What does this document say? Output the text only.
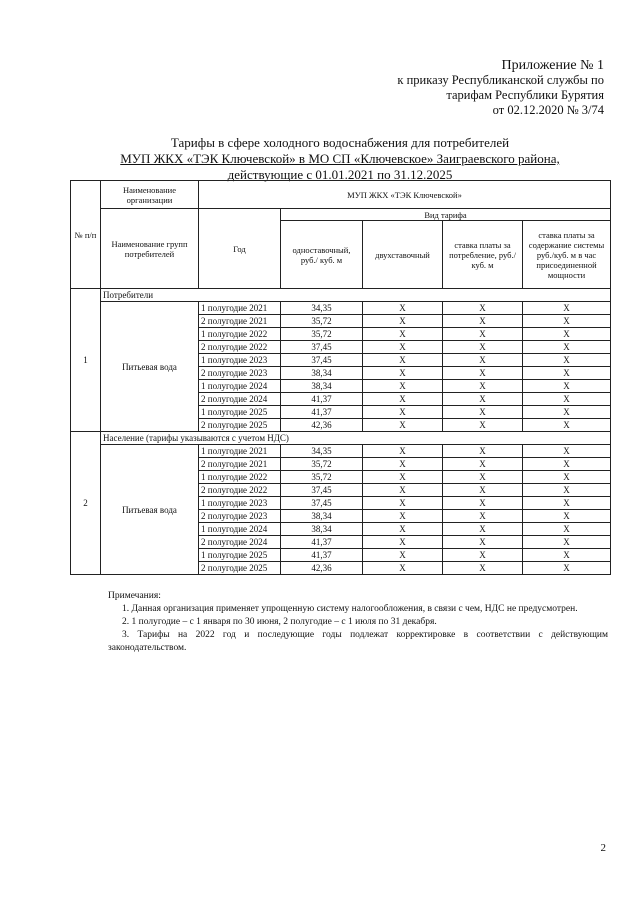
Приложение № 1
к приказу Республиканской службы по
тарифам Республики Бурятия
от 02.12.2020 № 3/74
Тарифы в сфере холодного водоснабжения для потребителей
МУП ЖКХ «ТЭК Ключевской» в МО СП «Ключевское» Заиграевского района,
действующие с 01.01.2021 по 31.12.2025
№ п/п	Наименование организации	МУП ЖКХ «ТЭК Ключевской»				
	Наименование групп потребителей	Год	Вид тарифа			
			одноставочный, руб./ куб. м	двухставочный	ставка платы за потребление, руб./ куб. м	ставка платы за содержание системы руб./куб. м в час присоединенной мощности
1	Потребители					
	Питьевая вода	1 полугодие 2021	34,35	X	X	X
		2 полугодие 2021	35,72	X	X	X
		1 полугодие 2022	35,72	X	X	X
		2 полугодие 2022	37,45	X	X	X
		1 полугодие 2023	37,45	X	X	X
		2 полугодие 2023	38,34	X	X	X
		1 полугодие 2024	38,34	X	X	X
		2 полугодие 2024	41,37	X	X	X
		1 полугодие 2025	41,37	X	X	X
		2 полугодие 2025	42,36	X	X	X
2	Население (тарифы указываются с учетом НДС)					
	Питьевая вода	1 полугодие 2021	34,35	X	X	X
		2 полугодие 2021	35,72	X	X	X
		1 полугодие 2022	35,72	X	X	X
		2 полугодие 2022	37,45	X	X	X
		1 полугодие 2023	37,45	X	X	X
		2 полугодие 2023	38,34	X	X	X
		1 полугодие 2024	38,34	X	X	X
		2 полугодие 2024	41,37	X	X	X
		1 полугодие 2025	41,37	X	X	X
		2 полугодие 2025	42,36	X	X	X

Примечания:

1. Данная организация применяет упрощенную систему налогообложения, в связи с чем, НДС не предусмотрен.

2. 1 полугодие – с 1 января по 30 июня, 2 полугодие – с 1 июля по 31 декабря.

3. Тарифы на 2022 год и последующие годы подлежат корректировке в соответствии с действующим законодательством.

2
